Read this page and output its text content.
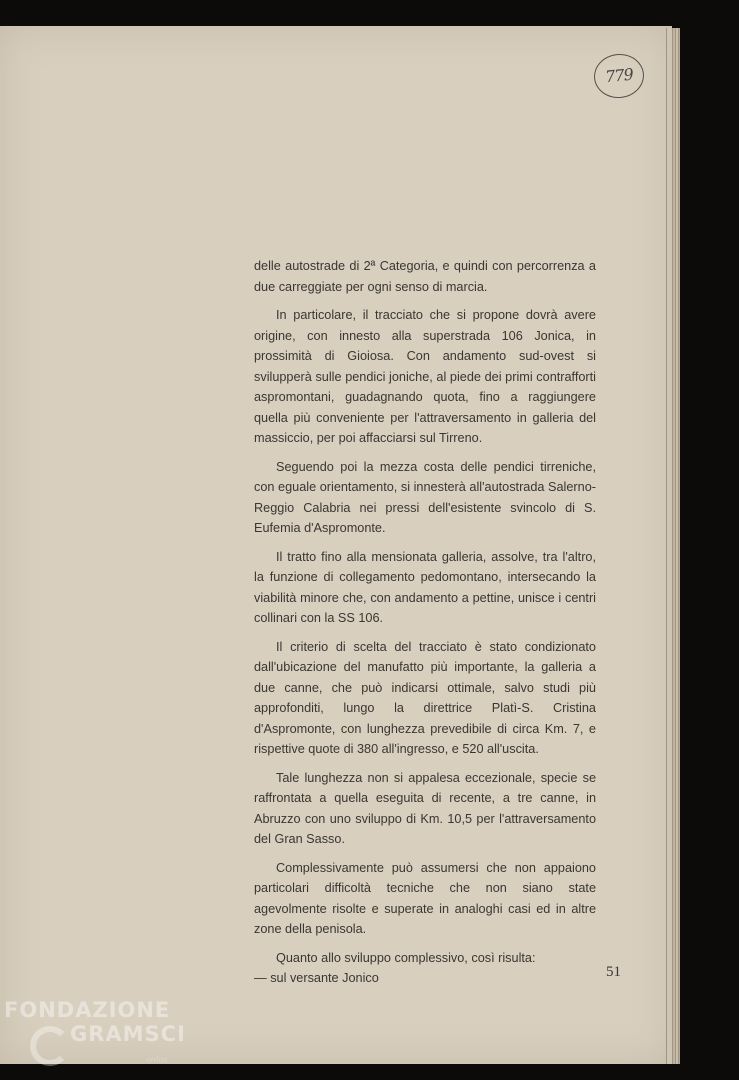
779

delle autostrade di 2ª Categoria, e quindi con percorrenza a due carreggiate per ogni senso di marcia.

In particolare, il tracciato che si propone dovrà avere origine, con innesto alla superstrada 106 Jonica, in prossimità di Gioiosa. Con andamento sud-ovest si svilupperà sulle pendici joniche, al piede dei primi contrafforti aspromontani, guadagnando quota, fino a raggiungere quella più conveniente per l'attraversamento in galleria del massiccio, per poi affacciarsi sul Tirreno.

Seguendo poi la mezza costa delle pendici tirreniche, con eguale orientamento, si innesterà all'autostrada Salerno-Reggio Calabria nei pressi dell'esistente svincolo di S. Eufemia d'Aspromonte.

Il tratto fino alla mensionata galleria, assolve, tra l'altro, la funzione di collegamento pedomontano, intersecando la viabilità minore che, con andamento a pettine, unisce i centri collinari con la SS 106.

Il criterio di scelta del tracciato è stato condizionato dall'ubicazione del manufatto più importante, la galleria a due canne, che può indicarsi ottimale, salvo studi più approfonditi, lungo la direttrice Platì-S. Cristina d'Aspromonte, con lunghezza prevedibile di circa Km. 7, e rispettive quote di 380 all'ingresso, e 520 all'uscita.

Tale lunghezza non si appalesa eccezionale, specie se raffrontata a quella eseguita di recente, a tre canne, in Abruzzo con uno sviluppo di Km. 10,5 per l'attraversamento del Gran Sasso.

Complessivamente può assumersi che non appaiono particolari difficoltà tecniche che non siano state agevolmente risolte e superate in analoghi casi ed in altre zone della penisola.

Quanto allo sviluppo complessivo, così risulta:

— sul versante Jonico	51
FONDAZIONE
GRAMSCI
onlus
